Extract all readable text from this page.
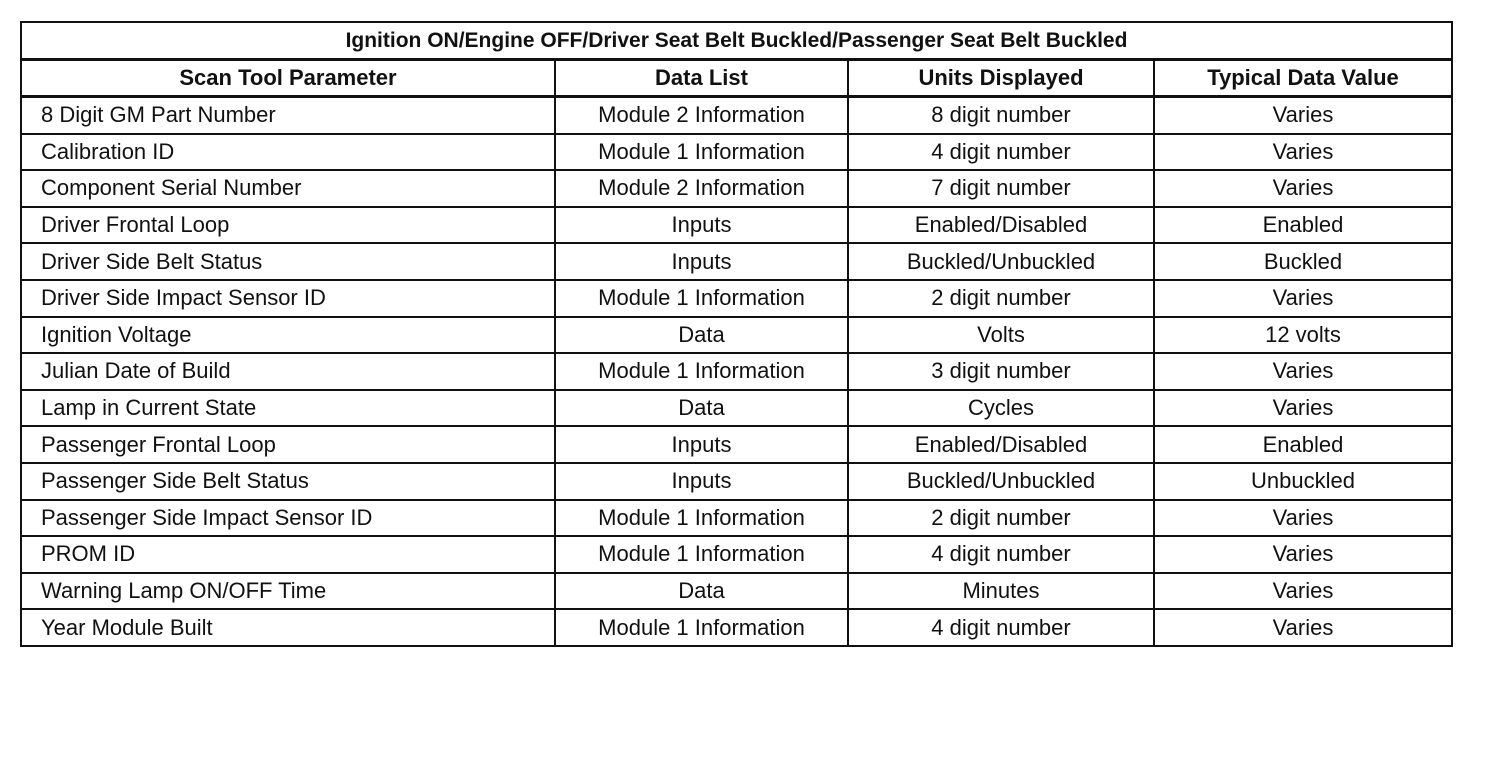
Ignition ON/Engine OFF/Driver Seat Belt Buckled/Passenger Seat Belt Buckled			
Scan Tool Parameter	Data List	Units Displayed	Typical Data Value
8 Digit GM Part Number	Module 2 Information	8 digit number	Varies
Calibration ID	Module 1 Information	4 digit number	Varies
Component Serial Number	Module 2 Information	7 digit number	Varies
Driver Frontal Loop	Inputs	Enabled/Disabled	Enabled
Driver Side Belt Status	Inputs	Buckled/Unbuckled	Buckled
Driver Side Impact Sensor ID	Module 1 Information	2 digit number	Varies
Ignition Voltage	Data	Volts	12 volts
Julian Date of Build	Module 1 Information	3 digit number	Varies
Lamp in Current State	Data	Cycles	Varies
Passenger Frontal Loop	Inputs	Enabled/Disabled	Enabled
Passenger Side Belt Status	Inputs	Buckled/Unbuckled	Unbuckled
Passenger Side Impact Sensor ID	Module 1 Information	2 digit number	Varies
PROM ID	Module 1 Information	4 digit number	Varies
Warning Lamp ON/OFF Time	Data	Minutes	Varies
Year Module Built	Module 1 Information	4 digit number	Varies
